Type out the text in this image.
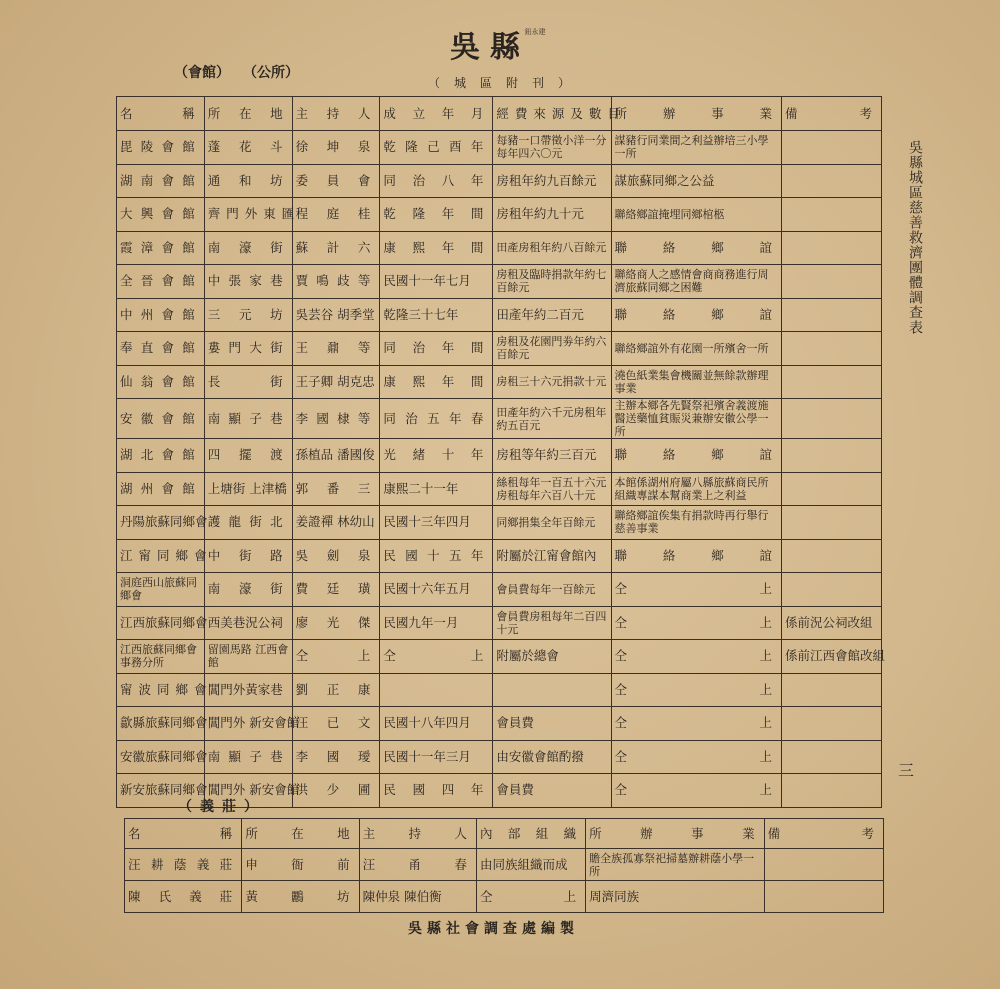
（會館） （公所）
吳縣
鈕永建
（城區附刊）
吳縣城區慈善救濟團體調查表
三
名稱	所在地	主持人	成立年月	經費來源及數目	所辦事業	備考
毘陵會館	蓬花斗	徐坤泉	乾隆己酉年	每豬一口帶徵小洋一分每年四六〇元	謀豬行同業間之利益辦培三小學一所	
湖南會館	通和坊	委員會	同治八年	房租年約九百餘元	謀旅蘇同鄉之公益	
大興會館	齊門外東匯	程庭桂	乾隆年間	房租年約九十元	聯絡鄉誼掩埋同鄉棺柩	
霞漳會館	南濠街	蘇計六	康熙年間	田產房租年約八百餘元	聯絡鄉誼	
全晉會館	中張家巷	賈鳴歧等	民國十一年七月	房租及臨時捐款年約七百餘元	聯絡商人之感情會商商務進行周濟旅蘇同鄉之困難	
中州會館	三元坊	吳芸谷 胡季堂	乾隆三十七年	田產年約二百元	聯絡鄉誼	
奉直會館	婁門大街	王鼐等	同治年間	房租及花園門劵年約六百餘元	聯絡鄉誼外有花園一所殯舍一所	
仙翁會館	長街	王子卿 胡克忠	康熙年間	房租三十六元捐款十元	澆色紙業集會機關並無餘款辦理事業	
安徽會館	南顯子巷	李國棣等	同治五年春	田產年約六千元房租年約五百元	主辦本鄉各先賢祭祀殯舍義渡施醫送藥恤貧賑災兼辦安徽公學一所	
湖北會館	四擺渡	孫植品 潘國俊	光緒十年	房租等年約三百元	聯絡鄉誼	
湖州會館	上塘街 上津橋	郭番三	康熙二十一年	絲租每年一百五十六元房租每年六百八十元	本館係湖州府屬八縣旅蘇商民所組織專謀本幫商業上之利益	
丹陽旅蘇同鄉會	護龍街北	姜證禪 林幼山	民國十三年四月	同鄉捐集全年百餘元	聯絡鄉誼俟集有捐款時再行舉行慈善事業	
江甯同鄉會	中街路	吳劍泉	民國十五年	附屬於江甯會館內	聯絡鄉誼	
洞庭西山旅蘇同鄉會	南濠街	費廷璜	民國十六年五月	會員費每年一百餘元	仝上	
江西旅蘇同鄉會	西美巷況公祠	廖光傑	民國九年一月	會員費房租每年二百四十元	仝上	係前況公祠改組
江西旅蘇同鄉會事務分所	留園馬路 江西會館	仝上	仝上	附屬於總會	仝上	係前江西會館改組
甯波同鄉會	閶門外黃家巷	劉正康			仝上	
歙縣旅蘇同鄉會	閶門外 新安會館	汪已文	民國十八年四月	會員費	仝上	
安徽旅蘇同鄉會	南顯子巷	李國璦	民國十一年三月	由安徽會館酌撥	仝上	
新安旅蘇同鄉會	閶門外 新安會館	洪少圃	民國四年	會員費	仝上	
（義莊）
名稱	所在地	主持人	內部組織	所辦事業	備考
汪耕蔭義莊	申衙前	汪甬春	由同族組織而成	贍全族孤寡祭祀掃墓辦耕蔭小學一所	
陳氏義莊	黃鸝坊	陳仲泉 陳伯衡	仝上	周濟同族	
吳縣社會調查處編製
